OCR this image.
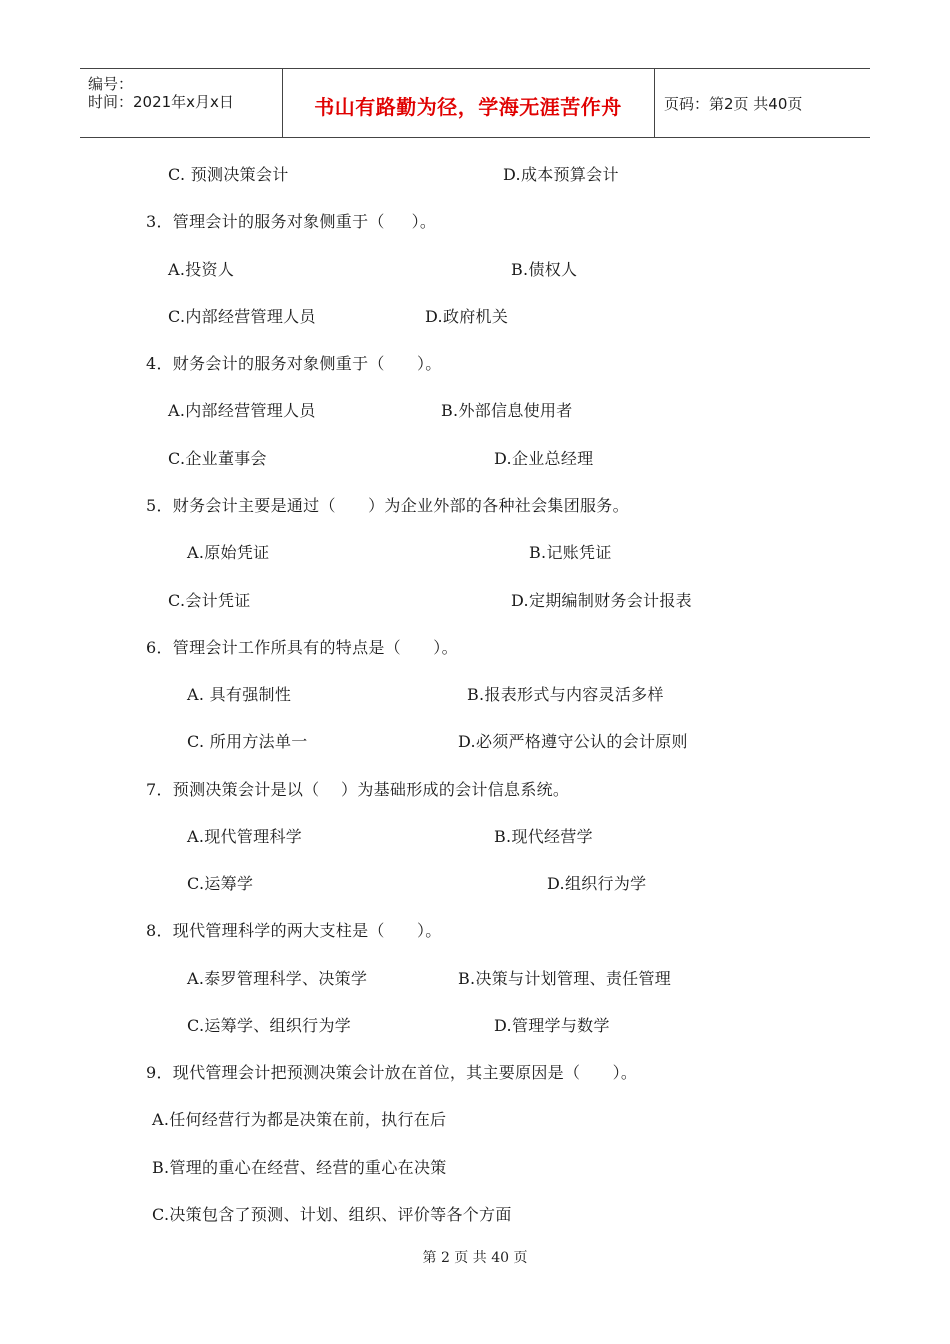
编号：
时间：2021年x月x日	书山有路勤为径，学海无涯苦作舟	页码：第2页 共40页
C. 预测决策会计	D.成本预算会计
3．管理会计的服务对象侧重于（     ）。
A.投资人	B.债权人
C.内部经营管理人员	D.政府机关
4．财务会计的服务对象侧重于（      ）。
A.内部经营管理人员	B.外部信息使用者
C.企业董事会	D.企业总经理
5．财务会计主要是通过（      ）为企业外部的各种社会集团服务。
A.原始凭证	B.记账凭证
C.会计凭证	D.定期编制财务会计报表
6．管理会计工作所具有的特点是（      ）。
A. 具有强制性	B.报表形式与内容灵活多样
C. 所用方法单一	D.必须严格遵守公认的会计原则
7．预测决策会计是以（    ）为基础形成的会计信息系统。
A.现代管理科学	B.现代经营学
C.运筹学	D.组织行为学
8．现代管理科学的两大支柱是（      ）。
A.泰罗管理科学、决策学	B.决策与计划管理、责任管理
C.运筹学、组织行为学	D.管理学与数学
9．现代管理会计把预测决策会计放在首位，其主要原因是（      ）。
A.任何经营行为都是决策在前，执行在后
B.管理的重心在经营、经营的重心在决策
C.决策包含了预测、计划、组织、评价等各个方面
第 2 页 共 40 页
